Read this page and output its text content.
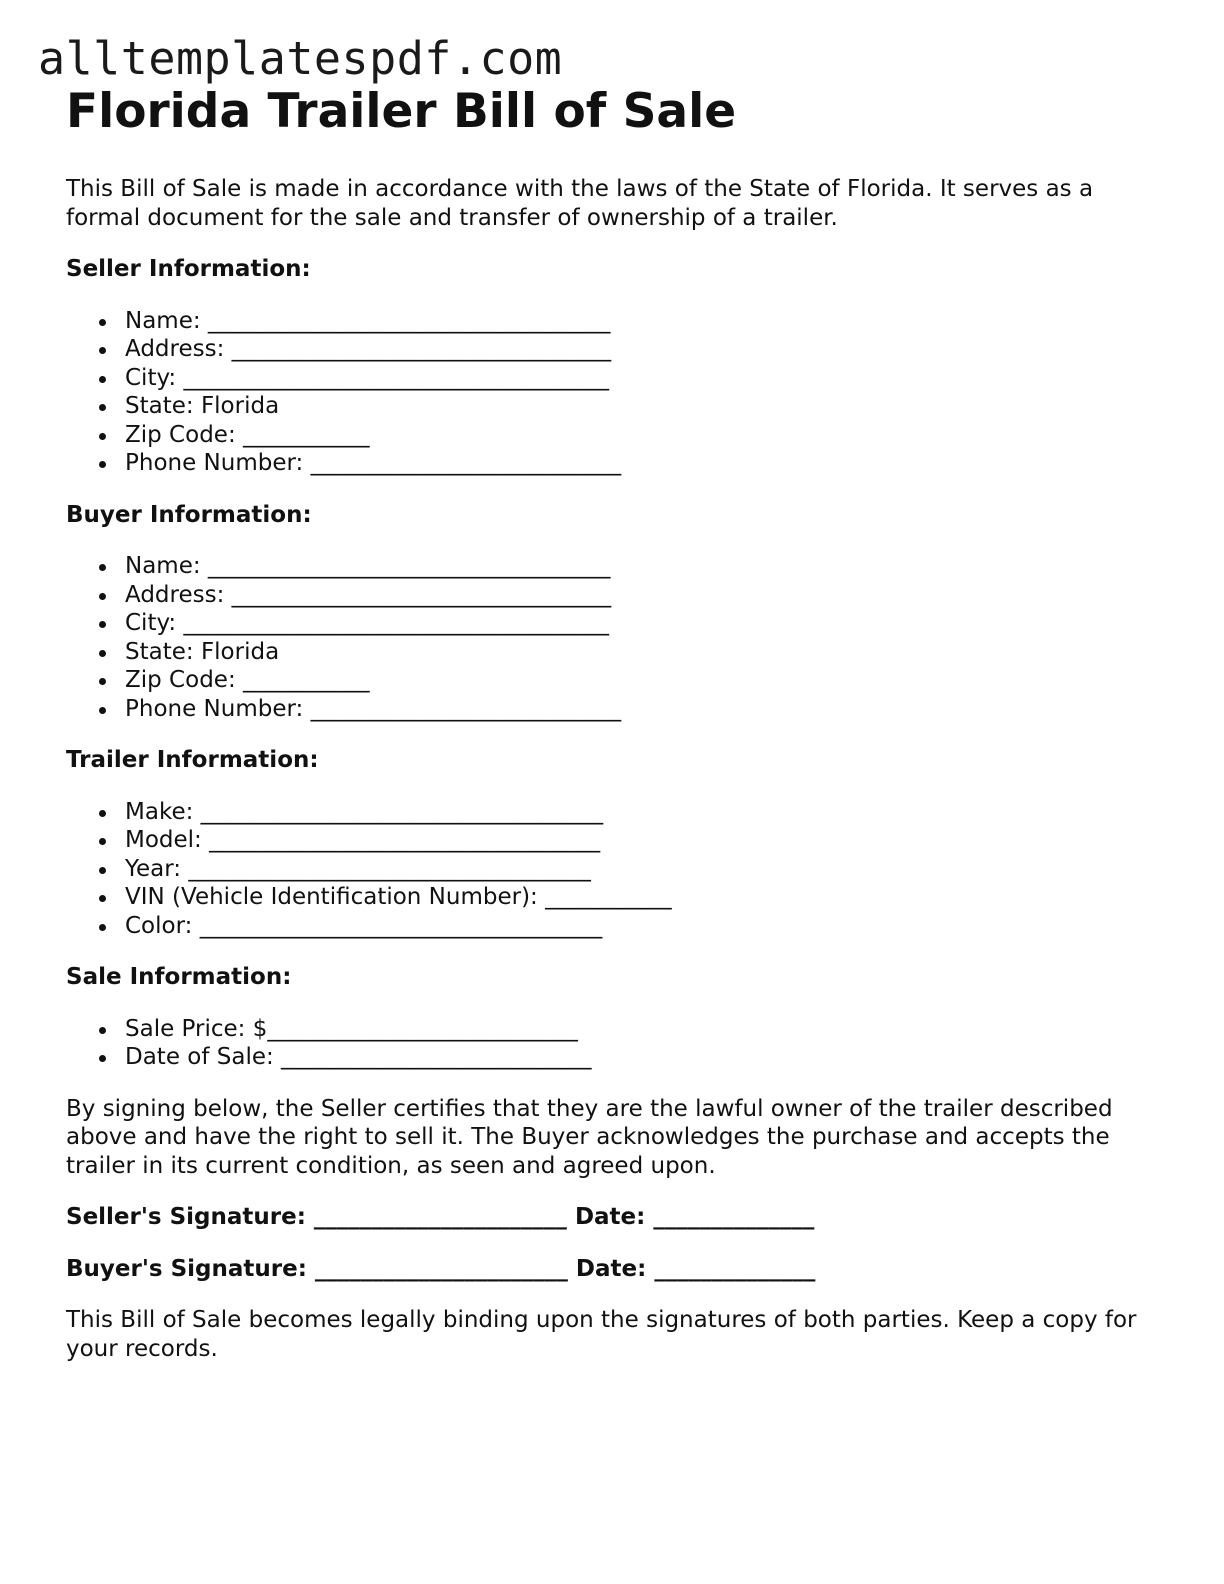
alltemplatespdf.com
Florida Trailer Bill of Sale

This Bill of Sale is made in accordance with the laws of the State of Florida. It serves as a formal document for the sale and transfer of ownership of a trailer.

Seller Information:

Name: ___________________________________
Address: _________________________________
City: _____________________________________
State: Florida
Zip Code: ___________
Phone Number: ___________________________

Buyer Information:

Name: ___________________________________
Address: _________________________________
City: _____________________________________
State: Florida
Zip Code: ___________
Phone Number: ___________________________

Trailer Information:

Make: ___________________________________
Model: __________________________________
Year: ___________________________________
VIN (Vehicle Identification Number): ___________
Color: ___________________________________

Sale Information:

Sale Price: $___________________________
Date of Sale: ___________________________

By signing below, the Seller certifies that they are the lawful owner of the trailer described above and have the right to sell it. The Buyer acknowledges the purchase and accepts the trailer in its current condition, as seen and agreed upon.

Seller's Signature: ______________________ Date: ______________

Buyer's Signature: ______________________ Date: ______________

This Bill of Sale becomes legally binding upon the signatures of both parties. Keep a copy for your records.
